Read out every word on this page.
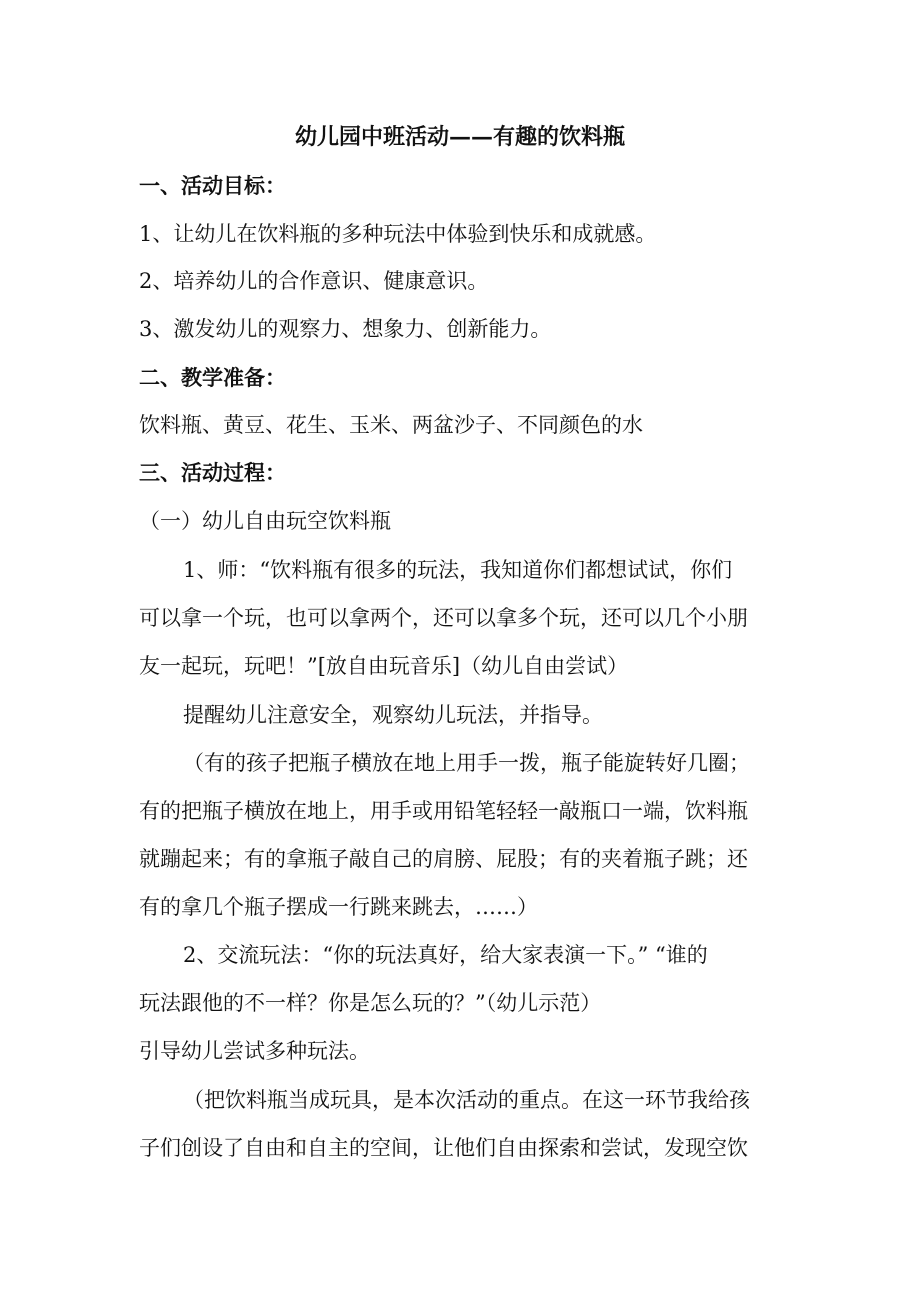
幼儿园中班活动——有趣的饮料瓶
一、活动目标：
1、让幼儿在饮料瓶的多种玩法中体验到快乐和成就感。
2、培养幼儿的合作意识、健康意识。
3、激发幼儿的观察力、想象力、创新能力。
二、教学准备：
饮料瓶、黄豆、花生、玉米、两盆沙子、不同颜色的水
三、活动过程：
（一）幼儿自由玩空饮料瓶
1、师：“饮料瓶有很多的玩法，我知道你们都想试试，你们
可以拿一个玩，也可以拿两个，还可以拿多个玩，还可以几个小朋
友一起玩，玩吧！”[放自由玩音乐]（幼儿自由尝试）
提醒幼儿注意安全，观察幼儿玩法，并指导。
（有的孩子把瓶子横放在地上用手一拨，瓶子能旋转好几圈；
有的把瓶子横放在地上，用手或用铅笔轻轻一敲瓶口一端，饮料瓶
就蹦起来；有的拿瓶子敲自己的肩膀、屁股；有的夹着瓶子跳；还
有的拿几个瓶子摆成一行跳来跳去，……）
2、交流玩法：“你的玩法真好，给大家表演一下。” “谁的
玩法跟他的不一样？你是怎么玩的？”（幼儿示范）
引导幼儿尝试多种玩法。
（把饮料瓶当成玩具，是本次活动的重点。在这一环节我给孩
子们创设了自由和自主的空间，让他们自由探索和尝试，发现空饮
